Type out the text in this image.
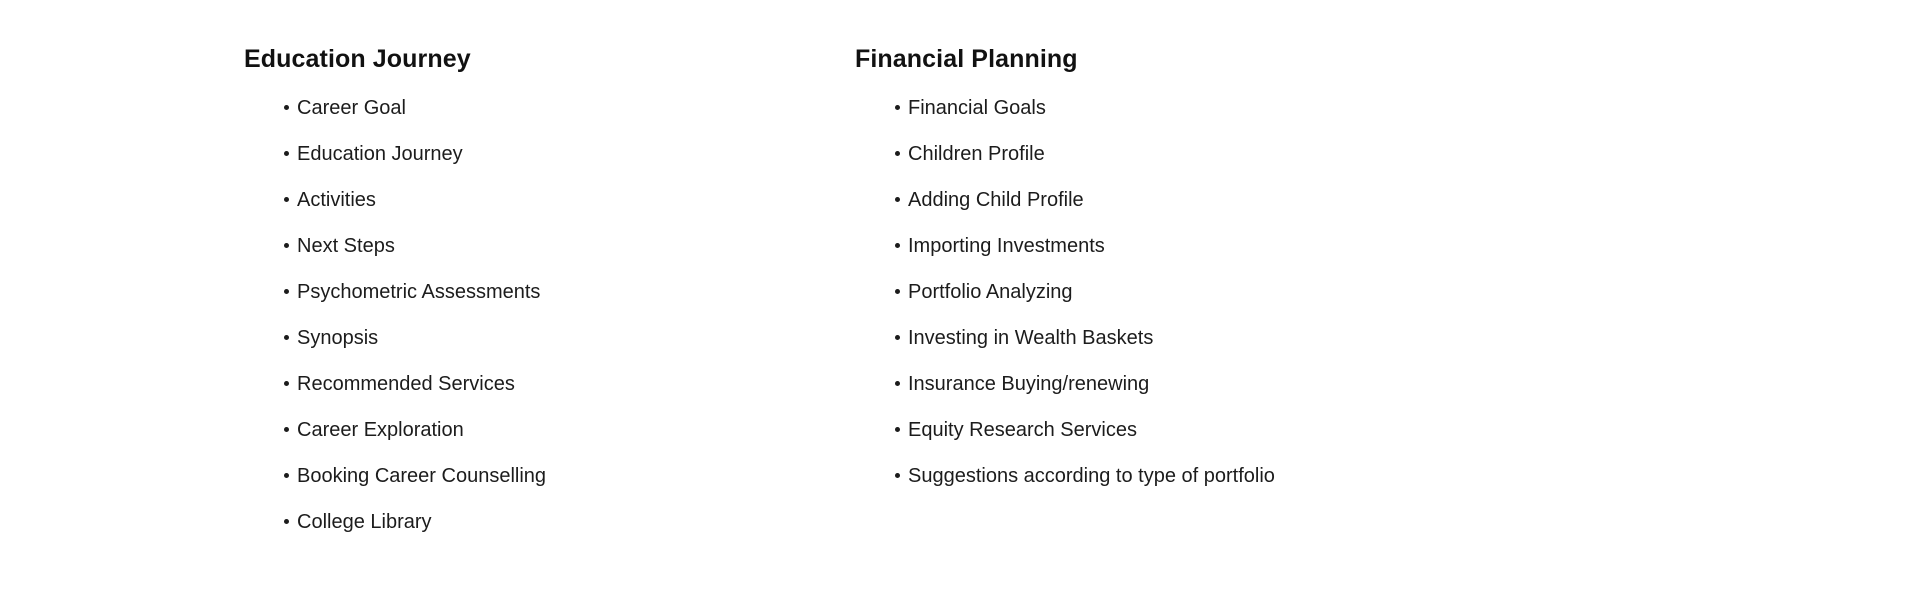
Education Journey
Career Goal
Education Journey
Activities
Next Steps
Psychometric Assessments
Synopsis
Recommended Services
Career Exploration
Booking Career Counselling
College Library
Financial Planning
Financial Goals
Children Profile
Adding Child Profile
Importing Investments
Portfolio Analyzing
Investing in Wealth Baskets
Insurance Buying/renewing
Equity Research Services
Suggestions according to type of portfolio
